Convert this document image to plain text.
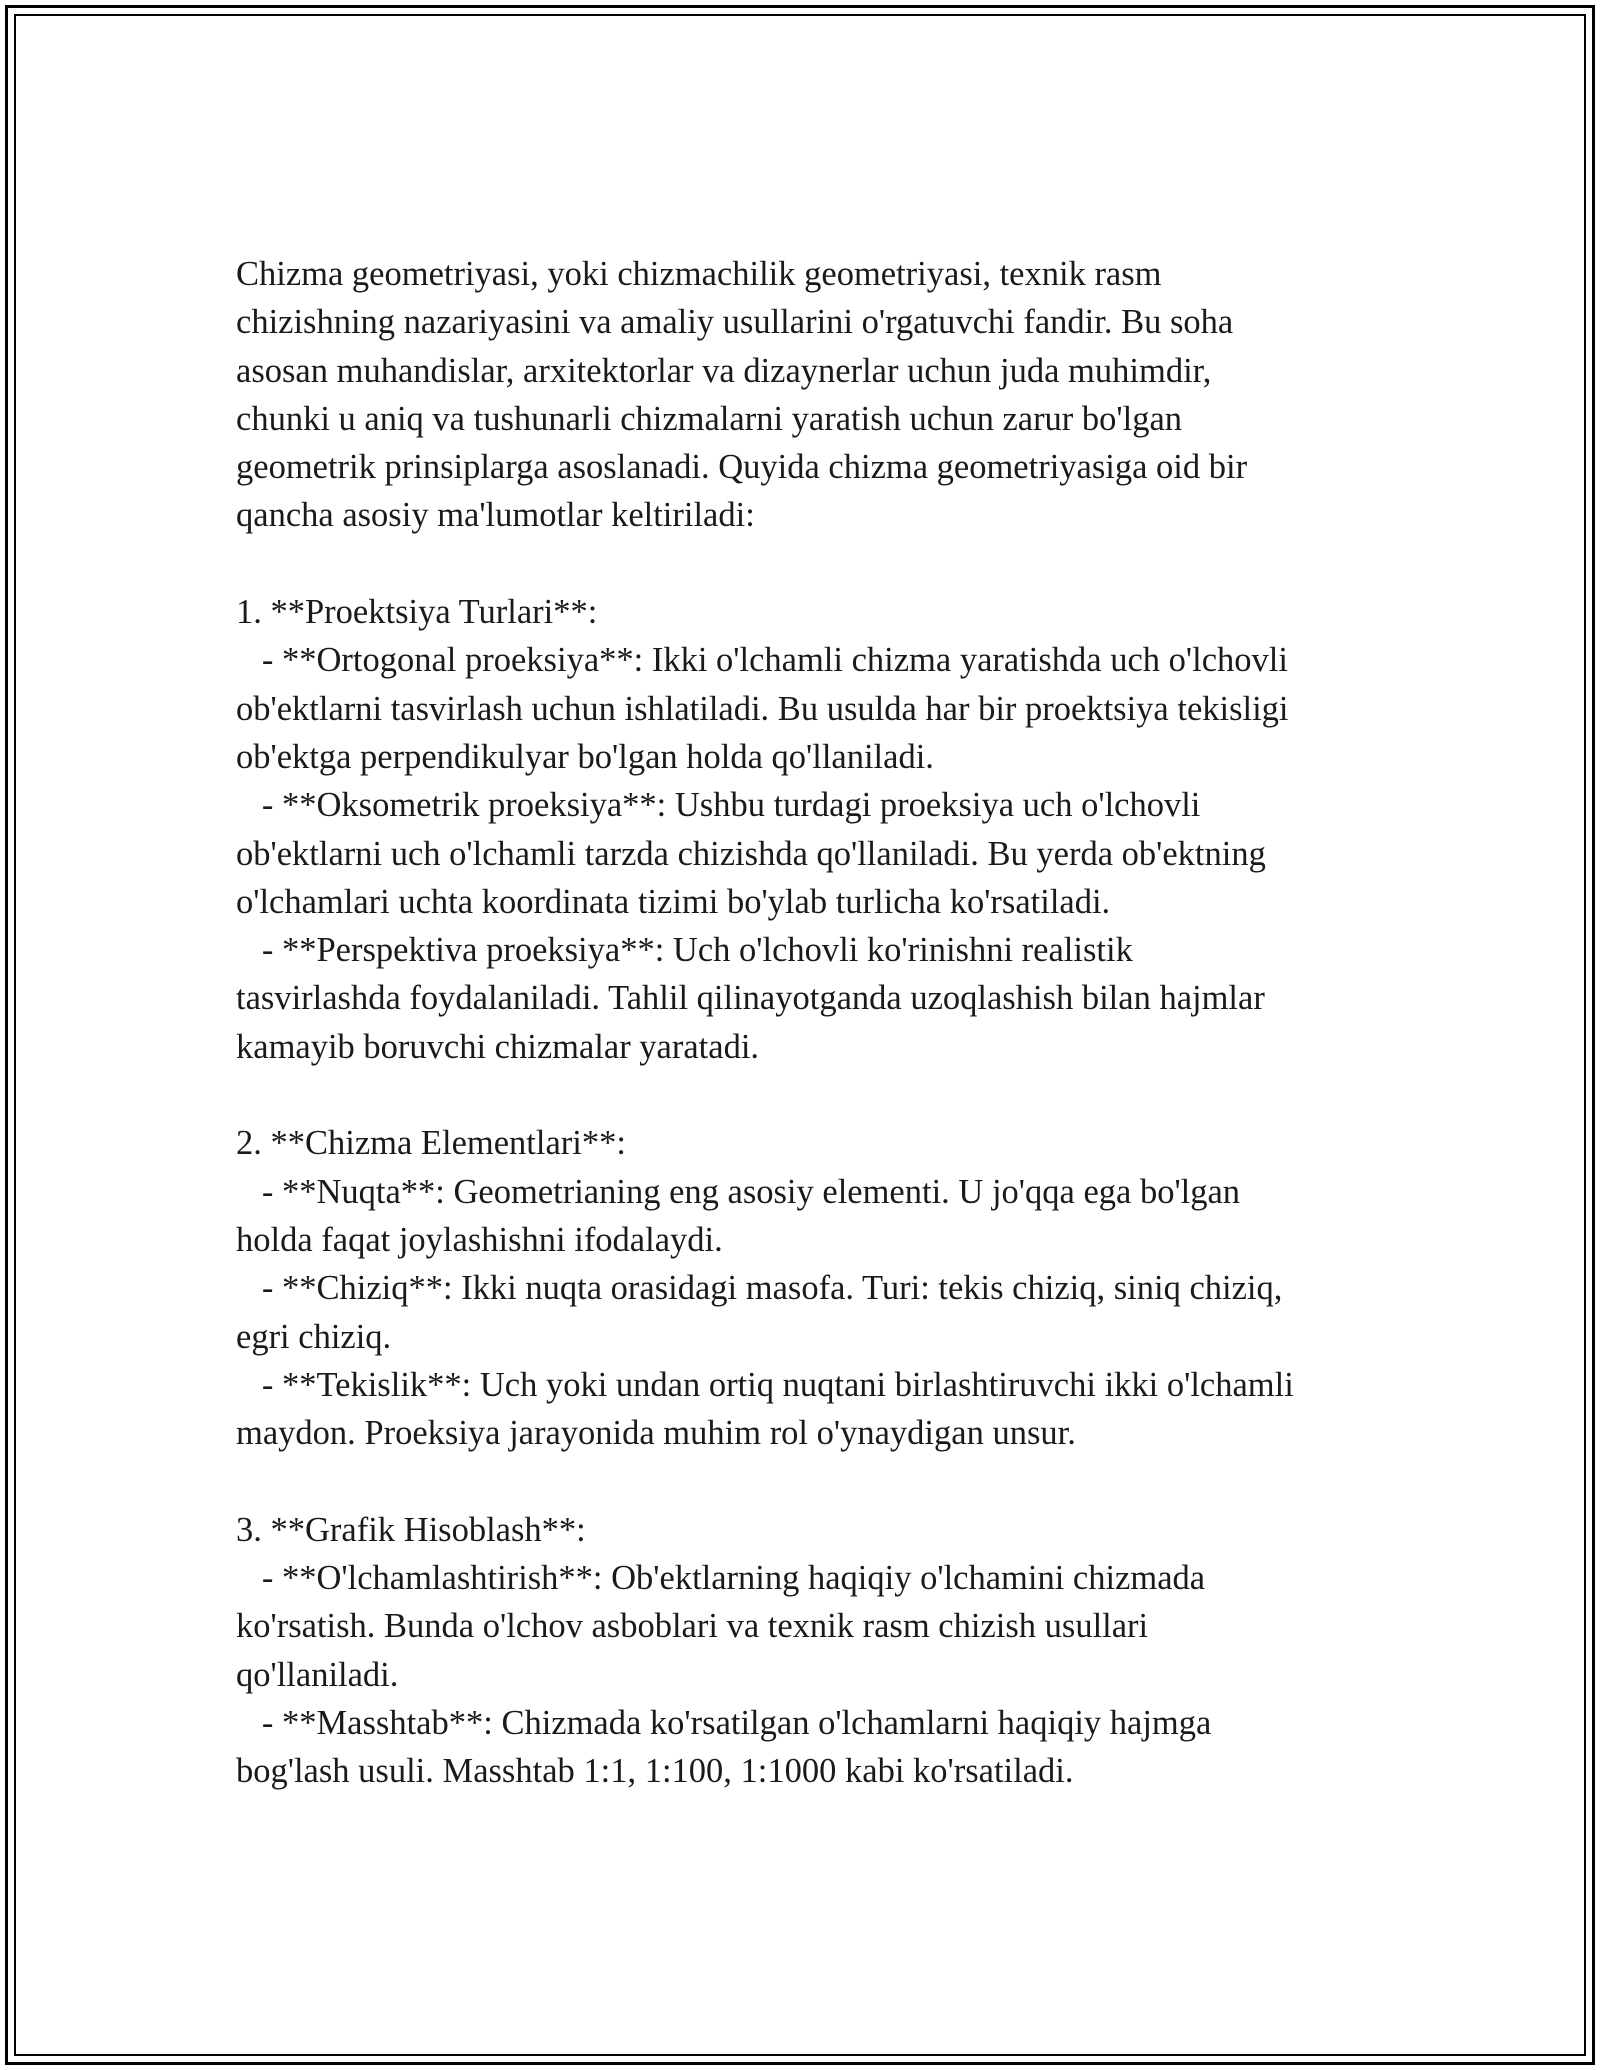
Chizma geometriyasi, yoki chizmachilik geometriyasi, texnik rasm
chizishning nazariyasini va amaliy usullarini o'rgatuvchi fandir. Bu soha
asosan muhandislar, arxitektorlar va dizaynerlar uchun juda muhimdir,
chunki u aniq va tushunarli chizmalarni yaratish uchun zarur bo'lgan
geometrik prinsiplarga asoslanadi. Quyida chizma geometriyasiga oid bir
qancha asosiy ma'lumotlar keltiriladi:

1. **Proektsiya Turlari**:
- **Ortogonal proeksiya**: Ikki o'lchamli chizma yaratishda uch o'lchovli
ob'ektlarni tasvirlash uchun ishlatiladi. Bu usulda har bir proektsiya tekisligi
ob'ektga perpendikulyar bo'lgan holda qo'llaniladi.
- **Oksometrik proeksiya**: Ushbu turdagi proeksiya uch o'lchovli
ob'ektlarni uch o'lchamli tarzda chizishda qo'llaniladi. Bu yerda ob'ektning
o'lchamlari uchta koordinata tizimi bo'ylab turlicha ko'rsatiladi.
- **Perspektiva proeksiya**: Uch o'lchovli ko'rinishni realistik
tasvirlashda foydalaniladi. Tahlil qilinayotganda uzoqlashish bilan hajmlar
kamayib boruvchi chizmalar yaratadi.

2. **Chizma Elementlari**:
- **Nuqta**: Geometrianing eng asosiy elementi. U jo'qqa ega bo'lgan
holda faqat joylashishni ifodalaydi.
- **Chiziq**: Ikki nuqta orasidagi masofa. Turi: tekis chiziq, siniq chiziq,
egri chiziq.
- **Tekislik**: Uch yoki undan ortiq nuqtani birlashtiruvchi ikki o'lchamli
maydon. Proeksiya jarayonida muhim rol o'ynaydigan unsur.

3. **Grafik Hisoblash**:
- **O'lchamlashtirish**: Ob'ektlarning haqiqiy o'lchamini chizmada
ko'rsatish. Bunda o'lchov asboblari va texnik rasm chizish usullari
qo'llaniladi.
- **Masshtab**: Chizmada ko'rsatilgan o'lchamlarni haqiqiy hajmga
bog'lash usuli. Masshtab 1:1, 1:100, 1:1000 kabi ko'rsatiladi.
